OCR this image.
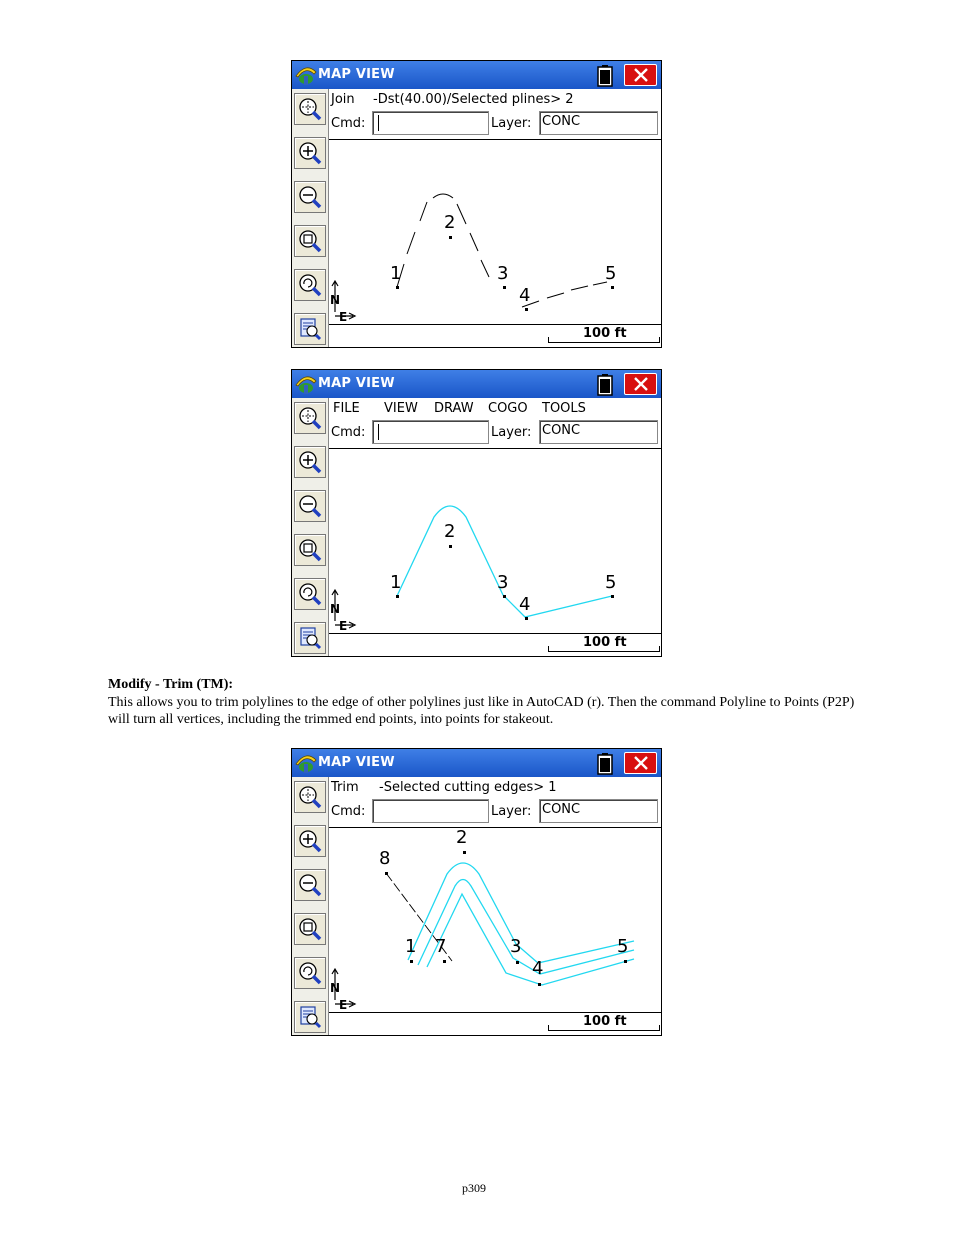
MAP VIEW
Join -Dst(40.00)/Selected plines> 2
Cmd:	Layer: CONC
1
2
3
4
5
N
E
100 ft
MAP VIEW
FILE VIEW DRAW COGO TOOLS
Cmd:	Layer: CONC
1
2
3
4
5
N
E
100 ft
Modify - Trim (TM):
This allows you to trim polylines to the edge of other polylines just like in AutoCAD (r). Then the command Polyline to Points (P2P) will turn all vertices, including the trimmed end points, into points for stakeout.
MAP VIEW
Trim -Selected cutting edges> 1
Cmd:	Layer: CONC
1
2
3
4
5
7
8
N
E
100 ft
p309
